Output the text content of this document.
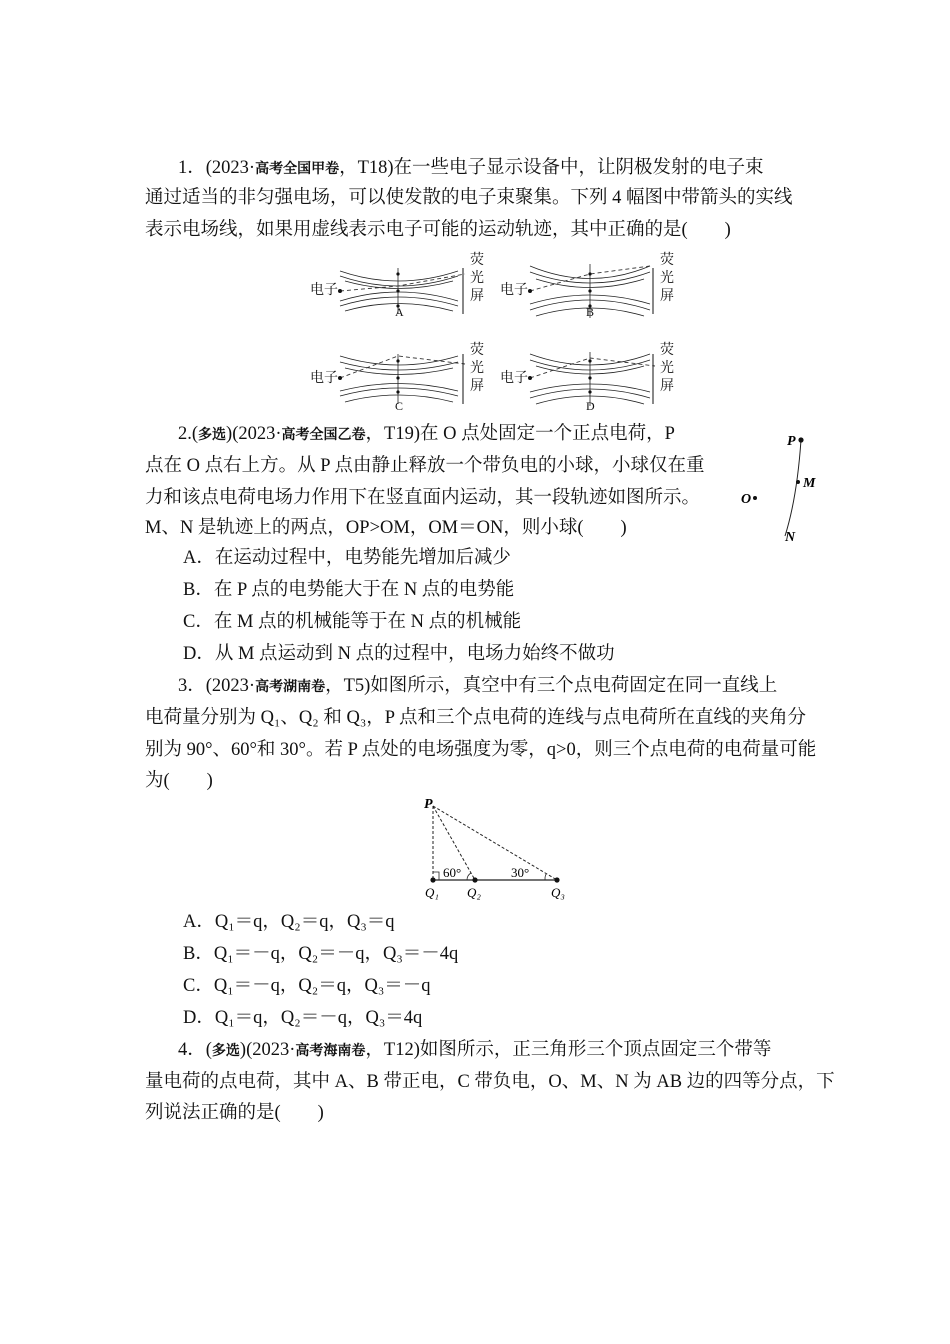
1．(2023·高考全国甲卷，T18)在一些电子显示设备中，让阴极发射的电子束
通过适当的非匀强电场，可以使发散的电子束聚集。下列 4 幅图中带箭头的实线
表示电场线，如果用虚线表示电子可能的运动轨迹，其中正确的是(　　)
电子	电子
电子	电子
荧
光
屏
荧
光
屏
荧
光
屏
荧
光
屏
A	B
C	D
2.(多选)(2023·高考全国乙卷，T19)在 O 点处固定一个正点电荷，P
点在 O 点右上方。从 P 点由静止释放一个带负电的小球，小球仅在重
力和该点电荷电场力作用下在竖直面内运动，其一段轨迹如图所示。
M、N 是轨迹上的两点，OP>OM，OM＝ON，则小球(　　)
A．在运动过程中，电势能先增加后减少
B．在 P 点的电势能大于在 N 点的电势能
C．在 M 点的机械能等于在 N 点的机械能
D．从 M 点运动到 N 点的过程中，电场力始终不做功
P
M
O
N
3．(2023·高考湖南卷，T5)如图所示，真空中有三个点电荷固定在同一直线上
电荷量分别为 Q₁、Q₂ 和 Q₃，P 点和三个点电荷的连线与点电荷所在直线的夹角分
别为 90°、60°和 30°。若 P 点处的电场强度为零，q>0，则三个点电荷的电荷量可能
为(　　)
P
60°	30°
Q₁ Q₂	Q₃
A．Q₁＝q，Q₂＝q，Q₃＝q
B．Q₁＝－q，Q₂＝－q，Q₃＝－4q
C．Q₁＝－q，Q₂＝q，Q₃＝－q
D．Q₁＝q，Q₂＝－q，Q₃＝4q
4．(多选)(2023·高考海南卷，T12)如图所示，正三角形三个顶点固定三个带等
量电荷的点电荷，其中 A、B 带正电，C 带负电，O、M、N 为 AB 边的四等分点，下
列说法正确的是(　　)
